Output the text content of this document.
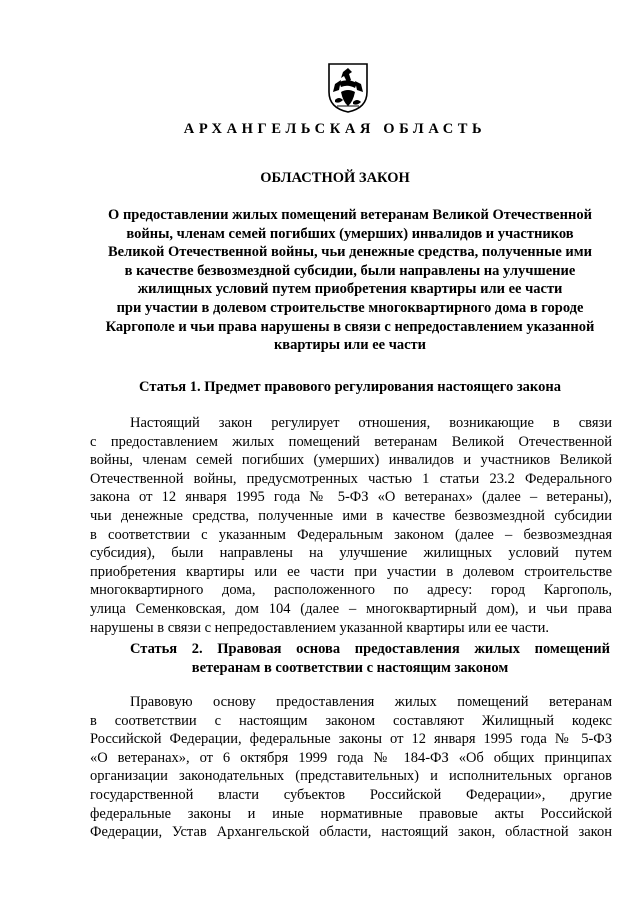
АРХАНГЕЛЬСКАЯ ОБЛАСТЬ
ОБЛАСТНОЙ ЗАКОН
О предоставлении жилых помещений ветеранам Великой Отечественной
войны, членам семей погибших (умерших) инвалидов и участников
Великой Отечественной войны, чьи денежные средства, полученные ими
в качестве безвозмездной субсидии, были направлены на улучшение
жилищных условий путем приобретения квартиры или ее части
при участии в долевом строительстве многоквартирного дома в городе
Каргополе и чьи права нарушены в связи с непредоставлением указанной
квартиры или ее части
Статья 1. Предмет правового регулирования настоящего закона
Настоящий закон регулирует отношения, возникающие в связи
с предоставлением жилых помещений ветеранам Великой Отечественной
войны, членам семей погибших (умерших) инвалидов и участников Великой
Отечественной войны, предусмотренных частью 1 статьи 23.2 Федерального
закона от 12 января 1995 года № 5-ФЗ «О ветеранах» (далее – ветераны),
чьи денежные средства, полученные ими в качестве безвозмездной субсидии
в соответствии с указанным Федеральным законом (далее – безвозмездная
субсидия), были направлены на улучшение жилищных условий путем
приобретения квартиры или ее части при участии в долевом строительстве
многоквартирного дома, расположенного по адресу: город Каргополь,
улица Семенковская, дом 104 (далее – многоквартирный дом), и чьи права
нарушены в связи с непредоставлением указанной квартиры или ее части.
Статья 2. Правовая основа предоставления жилых помещений
ветеранам в соответствии с настоящим законом
Правовую основу предоставления жилых помещений ветеранам
в соответствии с настоящим законом составляют Жилищный кодекс
Российской Федерации, федеральные законы от 12 января 1995 года № 5-ФЗ
«О ветеранах», от 6 октября 1999 года № 184-ФЗ «Об общих принципах
организации законодательных (представительных) и исполнительных органов
государственной власти субъектов Российской Федерации», другие
федеральные законы и иные нормативные правовые акты Российской
Федерации, Устав Архангельской области, настоящий закон, областной закон
